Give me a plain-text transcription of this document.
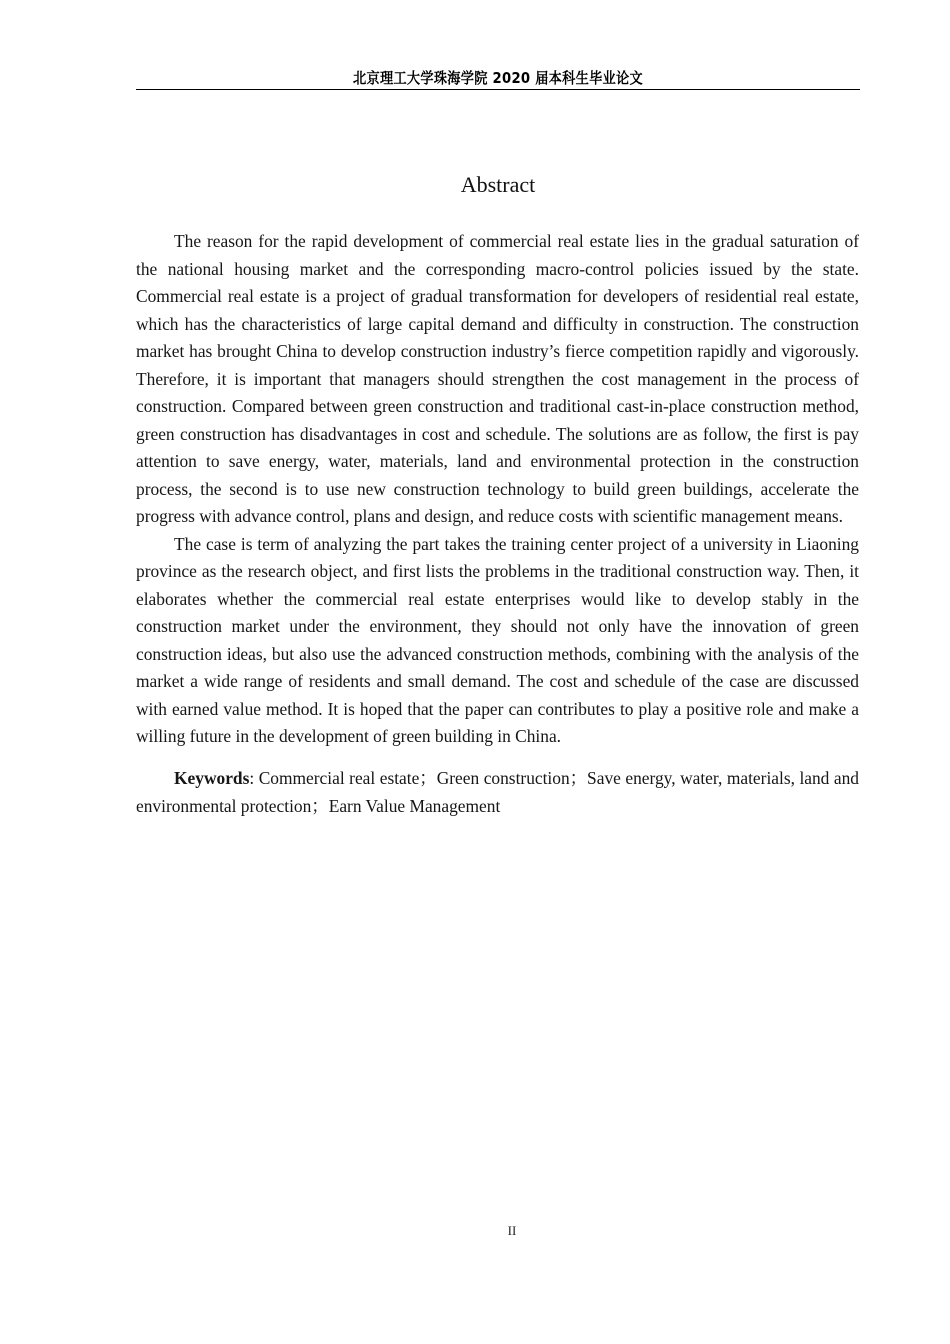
北京理工大学珠海学院 2020 届本科生毕业论文
Abstract

The reason for the rapid development of commercial real estate lies in the gradual saturation of the national housing market and the corresponding macro-control policies issued by the state. Commercial real estate is a project of gradual transformation for developers of residential real estate, which has the characteristics of large capital demand and difficulty in construction. The construction market has brought China to develop construction industry’s fierce competition rapidly and vigorously. Therefore, it is important that managers should strengthen the cost management in the process of construction. Compared between green construction and traditional cast-in-place construction method, green construction has disadvantages in cost and schedule. The solutions are as follow, the first is pay attention to save energy, water, materials, land and environmental protection in the construction process, the second is to use new construction technology to build green buildings, accelerate the progress with advance control, plans and design, and reduce costs with scientific management means.

The case is term of analyzing the part takes the training center project of a university in Liaoning province as the research object, and first lists the problems in the traditional construction way. Then, it elaborates whether the commercial real estate enterprises would like to develop stably in the construction market under the environment, they should not only have the innovation of green construction ideas, but also use the advanced construction methods, combining with the analysis of the market a wide range of residents and small demand. The cost and schedule of the case are discussed with earned value method. It is hoped that the paper can contributes to play a positive role and make a willing future in the development of green building in China.

Keywords: Commercial real estate；Green construction；Save energy, water, materials, land and environmental protection；Earn Value Management

II
